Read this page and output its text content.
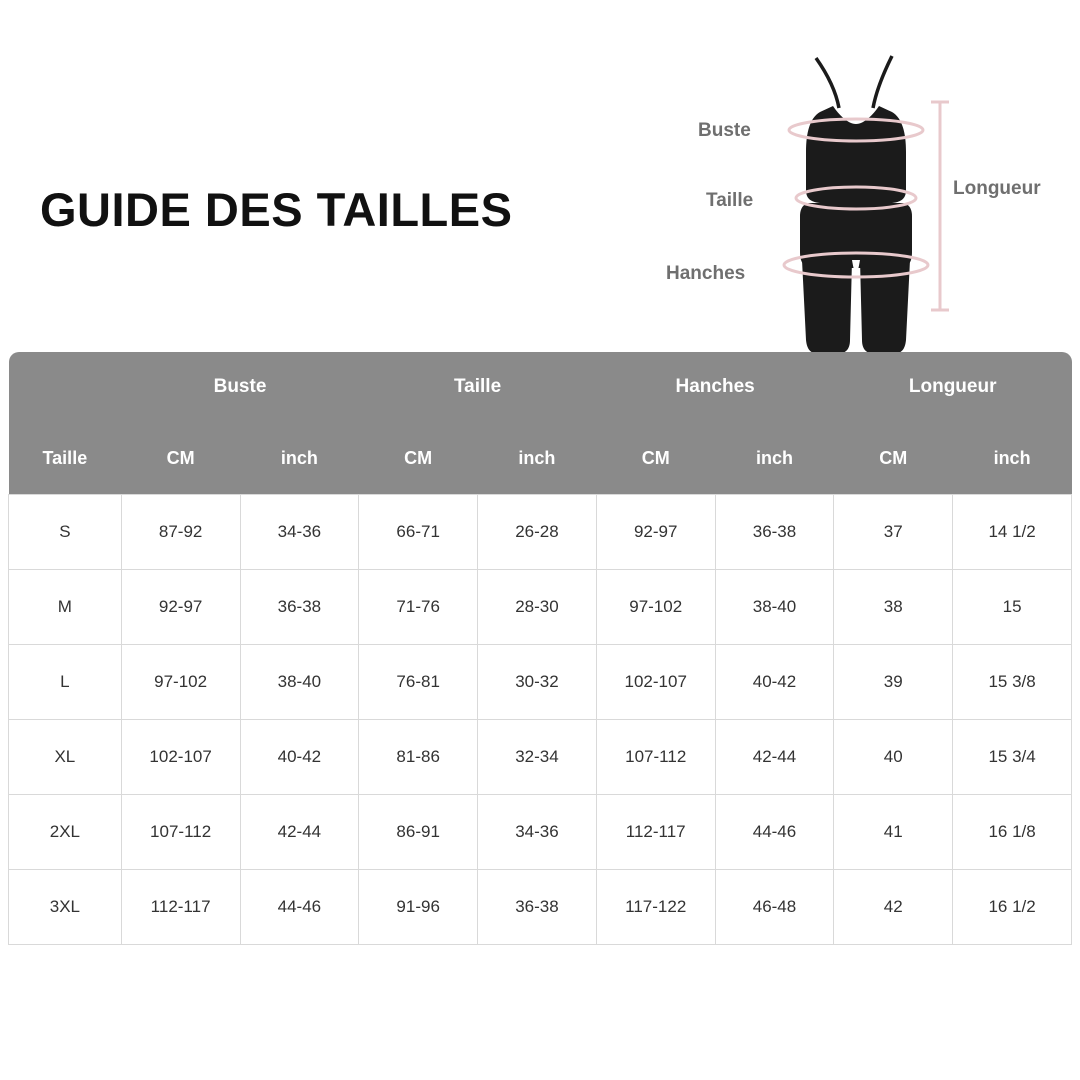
GUIDE DES TAILLES
Buste
Taille
Hanches
Longueur
	Buste		Taille		Hanches		Longueur	
Taille	CM	inch	CM	inch	CM	inch	CM	inch
S	87-92	34-36	66-71	26-28	92-97	36-38	37	14 1/2
M	92-97	36-38	71-76	28-30	97-102	38-40	38	15
L	97-102	38-40	76-81	30-32	102-107	40-42	39	15 3/8
XL	102-107	40-42	81-86	32-34	107-112	42-44	40	15 3/4
2XL	107-112	42-44	86-91	34-36	112-117	44-46	41	16 1/8
3XL	112-117	44-46	91-96	36-38	117-122	46-48	42	16 1/2
